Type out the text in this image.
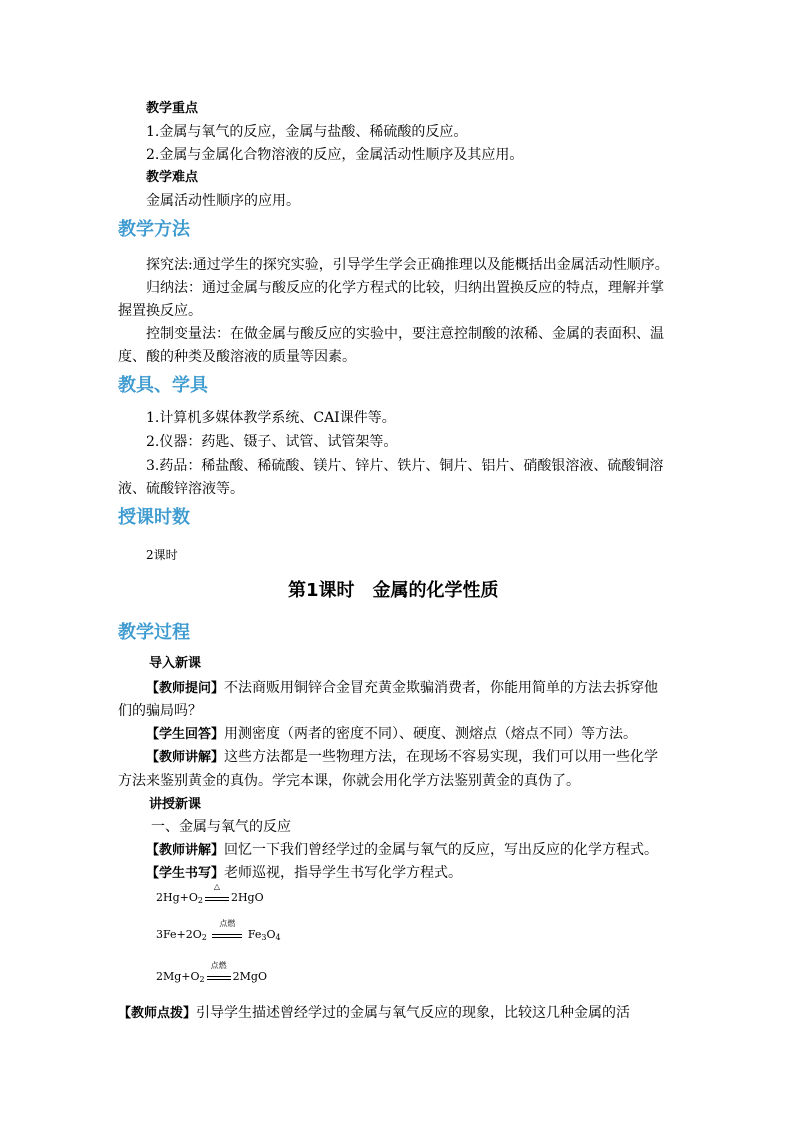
教学重点
1.金属与氧气的反应，金属与盐酸、稀硫酸的反应。
2.金属与金属化合物溶液的反应，金属活动性顺序及其应用。
教学难点
金属活动性顺序的应用。
教学方法
探究法:通过学生的探究实验，引导学生学会正确推理以及能概括出金属活动性顺序。
归纳法：通过金属与酸反应的化学方程式的比较，归纳出置换反应的特点，理解并掌
握置换反应。
控制变量法：在做金属与酸反应的实验中，要注意控制酸的浓稀、金属的表面积、温
度、酸的种类及酸溶液的质量等因素。
教具、学具
1.计算机多媒体教学系统、CAI课件等。
2.仪器：药匙、镊子、试管、试管架等。
3.药品：稀盐酸、稀硫酸、镁片、锌片、铁片、铜片、铝片、硝酸银溶液、硫酸铜溶
液、硫酸锌溶液等。
授课时数
2课时
第1课时　金属的化学性质
教学过程
导入新课
【教师提问】不法商贩用铜锌合金冒充黄金欺骗消费者，你能用简单的方法去拆穿他
们的骗局吗？
【学生回答】用测密度（两者的密度不同）、硬度、测熔点（熔点不同）等方法。
【教师讲解】这些方法都是一些物理方法，在现场不容易实现，我们可以用一些化学
方法来鉴别黄金的真伪。学完本课，你就会用化学方法鉴别黄金的真伪了。
讲授新课
一、金属与氧气的反应
【教师讲解】回忆一下我们曾经学过的金属与氧气的反应，写出反应的化学方程式。
【学生书写】老师巡视，指导学生书写化学方程式。
$2Hg+O_2$
△
2HgO
$3Fe+2O_2$
点燃
$Fe_3O_4$
$2Mg+O_2$
点燃
2MgO
【教师点拨】引导学生描述曾经学过的金属与氧气反应的现象，比较这几种金属的活
